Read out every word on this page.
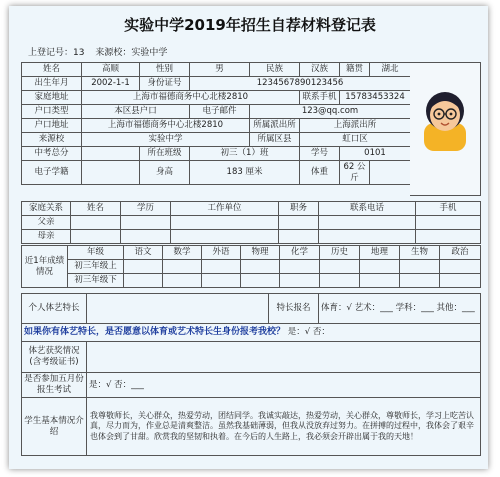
实验中学2019年招生自荐材料登记表
上登记号：13 来源校：实验中学
姓名	高顺	性别	男	民族	汉族	籍贯	湖北
出生年月	2002-1-1	身份证号	1234567890123456				
家庭地址	上海市福德商务中心北楼2810				联系手机	15783453324	
户口类型	本区县户口		电子邮件	123@qq.com			
户口地址	上海市福德商务中心北楼2810			所属派出所	上海派出所		
来源校	实验中学			所属区县	虹口区		
中考总分		所在班级	初三（1）班		学号	0101	
电子学籍		身高	183 厘米		体重	62 公斤	
家庭关系	姓名	学历	工作单位	职务	联系电话	手机
父亲						
母亲						
近1年成绩情况	年级	语文	数学	外语	物理	化学	历史	地理	生物	政治
	初三年级上									
	初三年级下									
个人体艺特长		特长报名	体育：√ 艺术：___ 学科：___ 其他：___
如果你有体艺特长，是否愿意以体育或艺术特长生身份报考我校？ 是：√ 否：			
体艺获奖情况(含考级证书)			
是否参加五月份报生考试	是：√ 否：___		
学生基本情况介绍	我尊敬师长，关心群众，热爱劳动，团结同学。我诚实敲达，热爱劳动，关心群众，尊敬师长，学习上吃苦认真，尽力而为，作业总是清爽整洁。虽然我基础薄弱，但我从没放弃过努力。在拼搏的过程中，我体会了艰辛也体会到了甘甜。欣赏我的坚韧和执着。在今后的人生路上，我必须会开辟出属于我的天地！		
